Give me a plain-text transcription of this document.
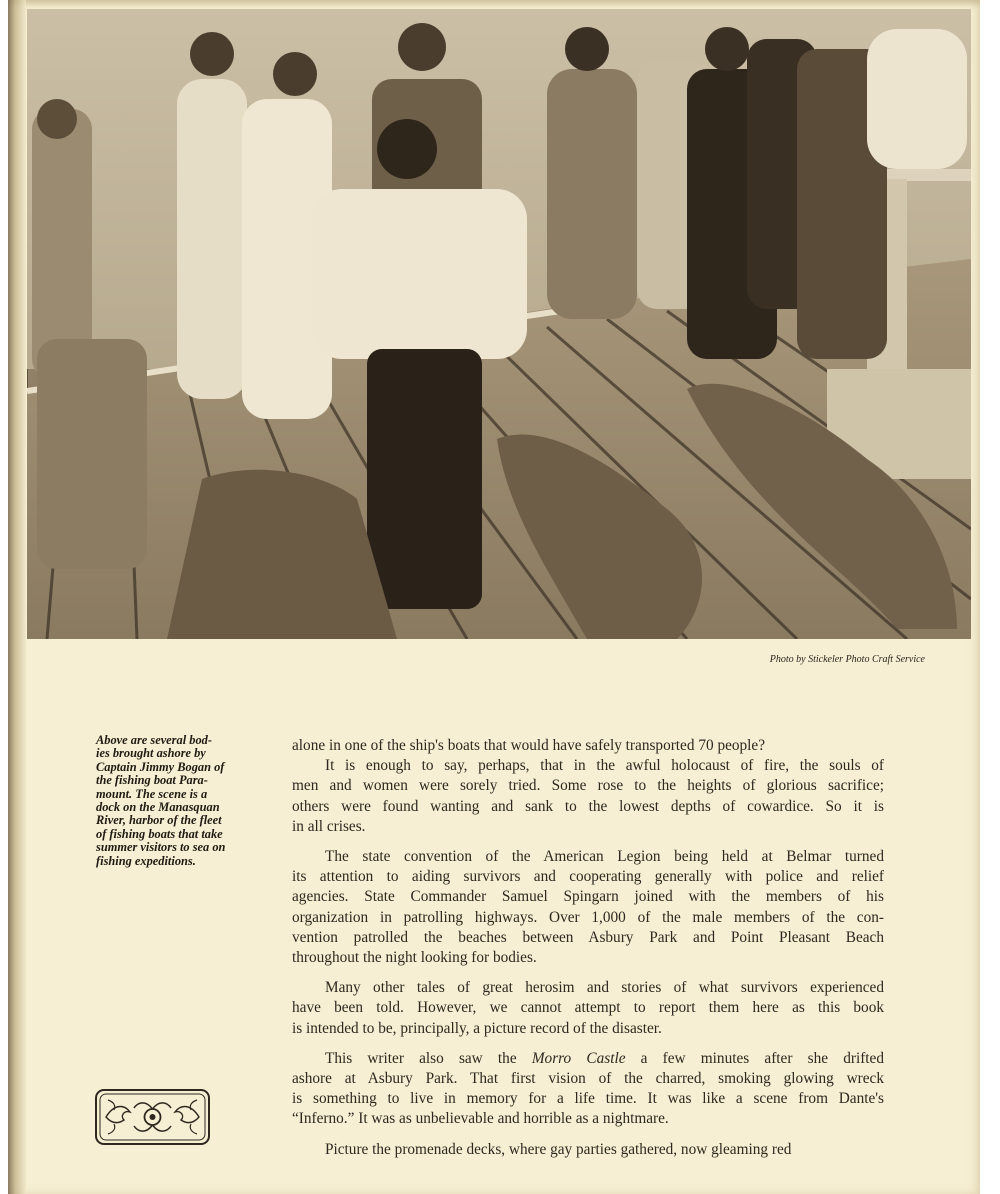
Photo by Stickeler Photo Craft Service
Above are several bod-
ies brought ashore by
Captain Jimmy Bogan of
the fishing boat Para-
mount. The scene is a
dock on the Manasquan
River, harbor of the fleet
of fishing boats that take
summer visitors to sea on
fishing expeditions.

alone in one of the ship's boats that would have safely transported 70 people?

It is enough to say, perhaps, that in the awful holocaust of fire, the souls of
men and women were sorely tried. Some rose to the heights of glorious sacrifice;
others were found wanting and sank to the lowest depths of cowardice. So it is
in all crises.

The state convention of the American Legion being held at Belmar turned
its attention to aiding survivors and cooperating generally with police and relief
agencies. State Commander Samuel Spingarn joined with the members of his
organization in patrolling highways. Over 1,000 of the male members of the con-
vention patrolled the beaches between Asbury Park and Point Pleasant Beach
throughout the night looking for bodies.

Many other tales of great herosim and stories of what survivors experienced
have been told. However, we cannot attempt to report them here as this book
is intended to be, principally, a picture record of the disaster.

This writer also saw the Morro Castle a few minutes after she drifted
ashore at Asbury Park. That first vision of the charred, smoking glowing wreck
is something to live in memory for a life time. It was like a scene from Dante's
“Inferno.” It was as unbelievable and horrible as a nightmare.

Picture the promenade decks, where gay parties gathered, now gleaming red
